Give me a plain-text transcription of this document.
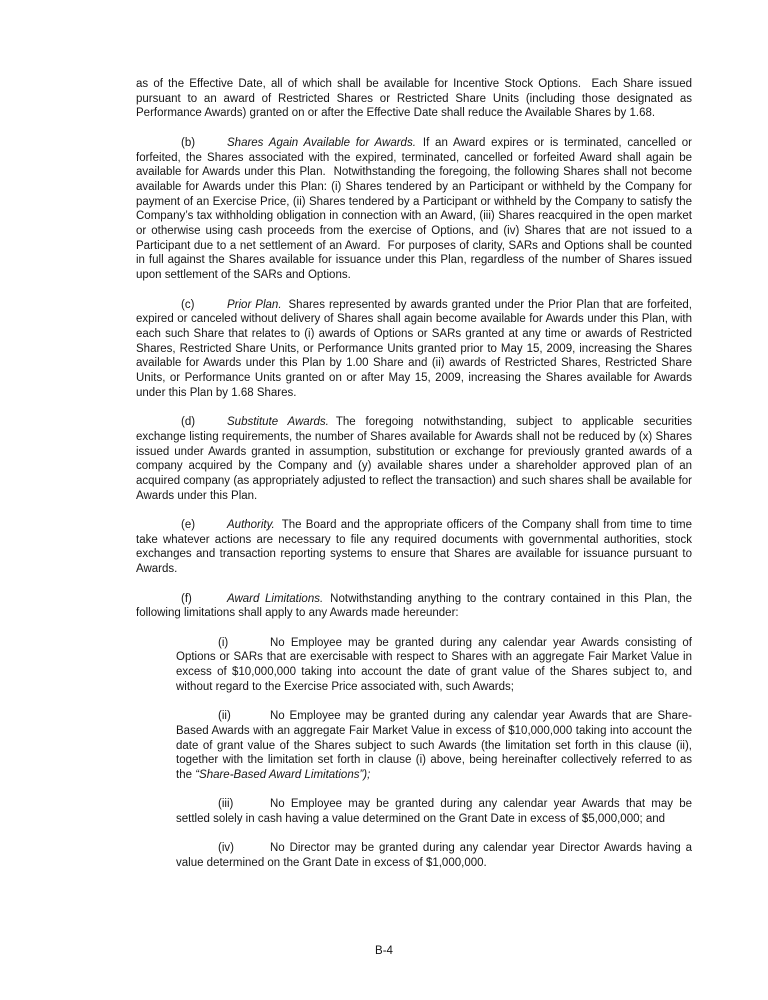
as of the Effective Date, all of which shall be available for Incentive Stock Options.  Each Share issued pursuant to an award of Restricted Shares or Restricted Share Units (including those designated as Performance Awards) granted on or after the Effective Date shall reduce the Available Shares by 1.68.

(b)	Shares Again Available for Awards. If an Award expires or is terminated, cancelled or forfeited, the Shares associated with the expired, terminated, cancelled or forfeited Award shall again be available for Awards under this Plan.  Notwithstanding the foregoing, the following Shares shall not become available for Awards under this Plan: (i) Shares tendered by an Participant or withheld by the Company for payment of an Exercise Price, (ii) Shares tendered by a Participant or withheld by the Company to satisfy the Company’s tax withholding obligation in connection with an Award, (iii) Shares reacquired in the open market or otherwise using cash proceeds from the exercise of Options, and (iv) Shares that are not issued to a Participant due to a net settlement of an Award.  For purposes of clarity, SARs and Options shall be counted in full against the Shares available for issuance under this Plan, regardless of the number of Shares issued upon settlement of the SARs and Options.

(c)	Prior Plan. Shares represented by awards granted under the Prior Plan that are forfeited, expired or canceled without delivery of Shares shall again become available for Awards under this Plan, with each such Share that relates to (i) awards of Options or SARs granted at any time or awards of Restricted Shares, Restricted Share Units, or Performance Units granted prior to May 15, 2009, increasing the Shares available for Awards under this Plan by 1.00 Share and (ii) awards of Restricted Shares, Restricted Share Units, or Performance Units granted on or after May 15, 2009, increasing the Shares available for Awards under this Plan by 1.68 Shares.

(d)	Substitute Awards. The foregoing notwithstanding, subject to applicable securities exchange listing requirements, the number of Shares available for Awards shall not be reduced by (x) Shares issued under Awards granted in assumption, substitution or exchange for previously granted awards of a company acquired by the Company and (y) available shares under a shareholder approved plan of an acquired company (as appropriately adjusted to reflect the transaction) and such shares shall be available for Awards under this Plan.

(e)	Authority. The Board and the appropriate officers of the Company shall from time to time take whatever actions are necessary to file any required documents with governmental authorities, stock exchanges and transaction reporting systems to ensure that Shares are available for issuance pursuant to Awards.

(f)	Award Limitations. Notwithstanding anything to the contrary contained in this Plan, the following limitations shall apply to any Awards made hereunder:

(i)	No Employee may be granted during any calendar year Awards consisting of Options or SARs that are exercisable with respect to Shares with an aggregate Fair Market Value in excess of $10,000,000 taking into account the date of grant value of the Shares subject to, and without regard to the Exercise Price associated with, such Awards;

(ii)	No Employee may be granted during any calendar year Awards that are Share-Based Awards with an aggregate Fair Market Value in excess of $10,000,000 taking into account the date of grant value of the Shares subject to such Awards (the limitation set forth in this clause (ii), together with the limitation set forth in clause (i) above, being hereinafter collectively referred to as the “Share-Based Award Limitations”);

(iii)	No Employee may be granted during any calendar year Awards that may be settled solely in cash having a value determined on the Grant Date in excess of $5,000,000; and

(iv)	No Director may be granted during any calendar year Director Awards having a value determined on the Grant Date in excess of $1,000,000.

B-4
